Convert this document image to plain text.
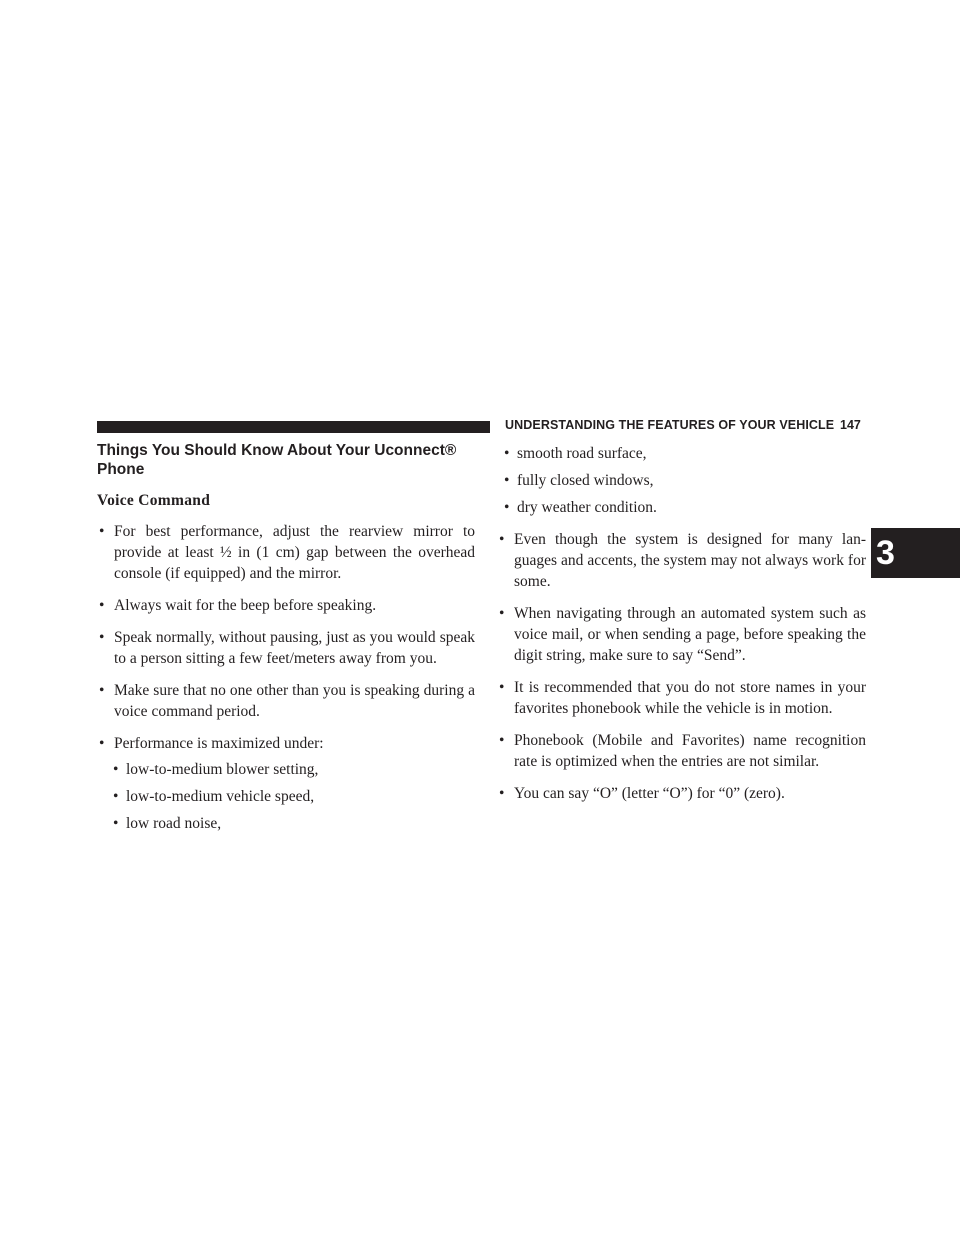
UNDERSTANDING THE FEATURES OF YOUR VEHICLE 147
3
Things You Should Know About Your Uconnect®
Phone
Voice Command
• For best performance, adjust the rearview mirror to provide at least ½ in (1 cm) gap between the overhead console (if equipped) and the mirror.
• Always wait for the beep before speaking.
• Speak normally, without pausing, just as you would speak to a person sitting a few feet/meters away from you.
• Make sure that no one other than you is speaking during a voice command period.
• Performance is maximized under:
• low-to-medium blower setting,
• low-to-medium vehicle speed,
• low road noise,
• smooth road surface,
• fully closed windows,
• dry weather condition.
• Even though the system is designed for many lan- guages and accents, the system may not always work for some.
• When navigating through an automated system such as voice mail, or when sending a page, before speaking the digit string, make sure to say “Send”.
• It is recommended that you do not store names in your favorites phonebook while the vehicle is in motion.
• Phonebook (Mobile and Favorites) name recognition rate is optimized when the entries are not similar.
• You can say “O” (letter “O”) for “0” (zero).
